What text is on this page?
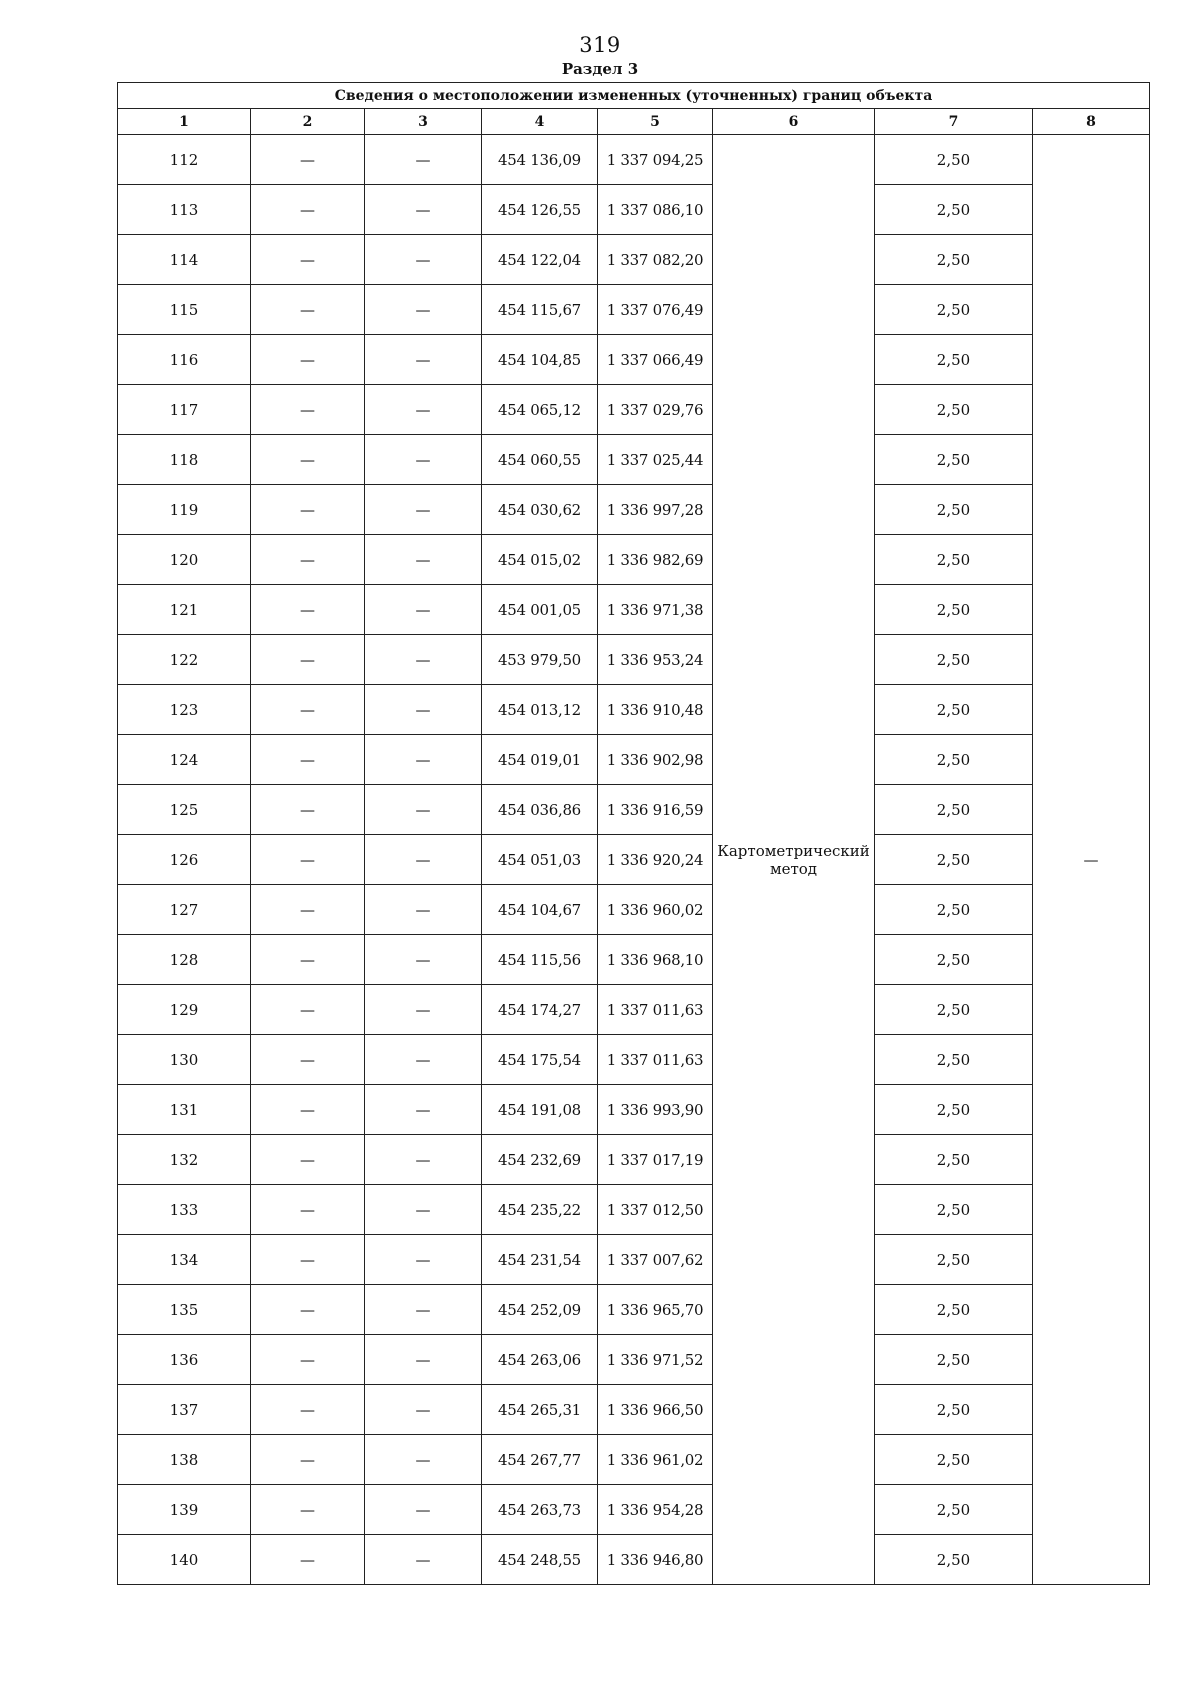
319
Раздел 3
Сведения о местоположении измененных (уточненных) границ объекта							
1	2	3	4	5	6	7	8
112	—	—	454 136,09	1 337 094,25	Картометрический метод	2,50	—
113	—	—	454 126,55	1 337 086,10		2,50	
114	—	—	454 122,04	1 337 082,20		2,50	
115	—	—	454 115,67	1 337 076,49		2,50	
116	—	—	454 104,85	1 337 066,49		2,50	
117	—	—	454 065,12	1 337 029,76		2,50	
118	—	—	454 060,55	1 337 025,44		2,50	
119	—	—	454 030,62	1 336 997,28		2,50	
120	—	—	454 015,02	1 336 982,69		2,50	
121	—	—	454 001,05	1 336 971,38		2,50	
122	—	—	453 979,50	1 336 953,24		2,50	
123	—	—	454 013,12	1 336 910,48		2,50	
124	—	—	454 019,01	1 336 902,98		2,50	
125	—	—	454 036,86	1 336 916,59		2,50	
126	—	—	454 051,03	1 336 920,24		2,50	
127	—	—	454 104,67	1 336 960,02		2,50	
128	—	—	454 115,56	1 336 968,10		2,50	
129	—	—	454 174,27	1 337 011,63		2,50	
130	—	—	454 175,54	1 337 011,63		2,50	
131	—	—	454 191,08	1 336 993,90		2,50	
132	—	—	454 232,69	1 337 017,19		2,50	
133	—	—	454 235,22	1 337 012,50		2,50	
134	—	—	454 231,54	1 337 007,62		2,50	
135	—	—	454 252,09	1 336 965,70		2,50	
136	—	—	454 263,06	1 336 971,52		2,50	
137	—	—	454 265,31	1 336 966,50		2,50	
138	—	—	454 267,77	1 336 961,02		2,50	
139	—	—	454 263,73	1 336 954,28		2,50	
140	—	—	454 248,55	1 336 946,80		2,50	
